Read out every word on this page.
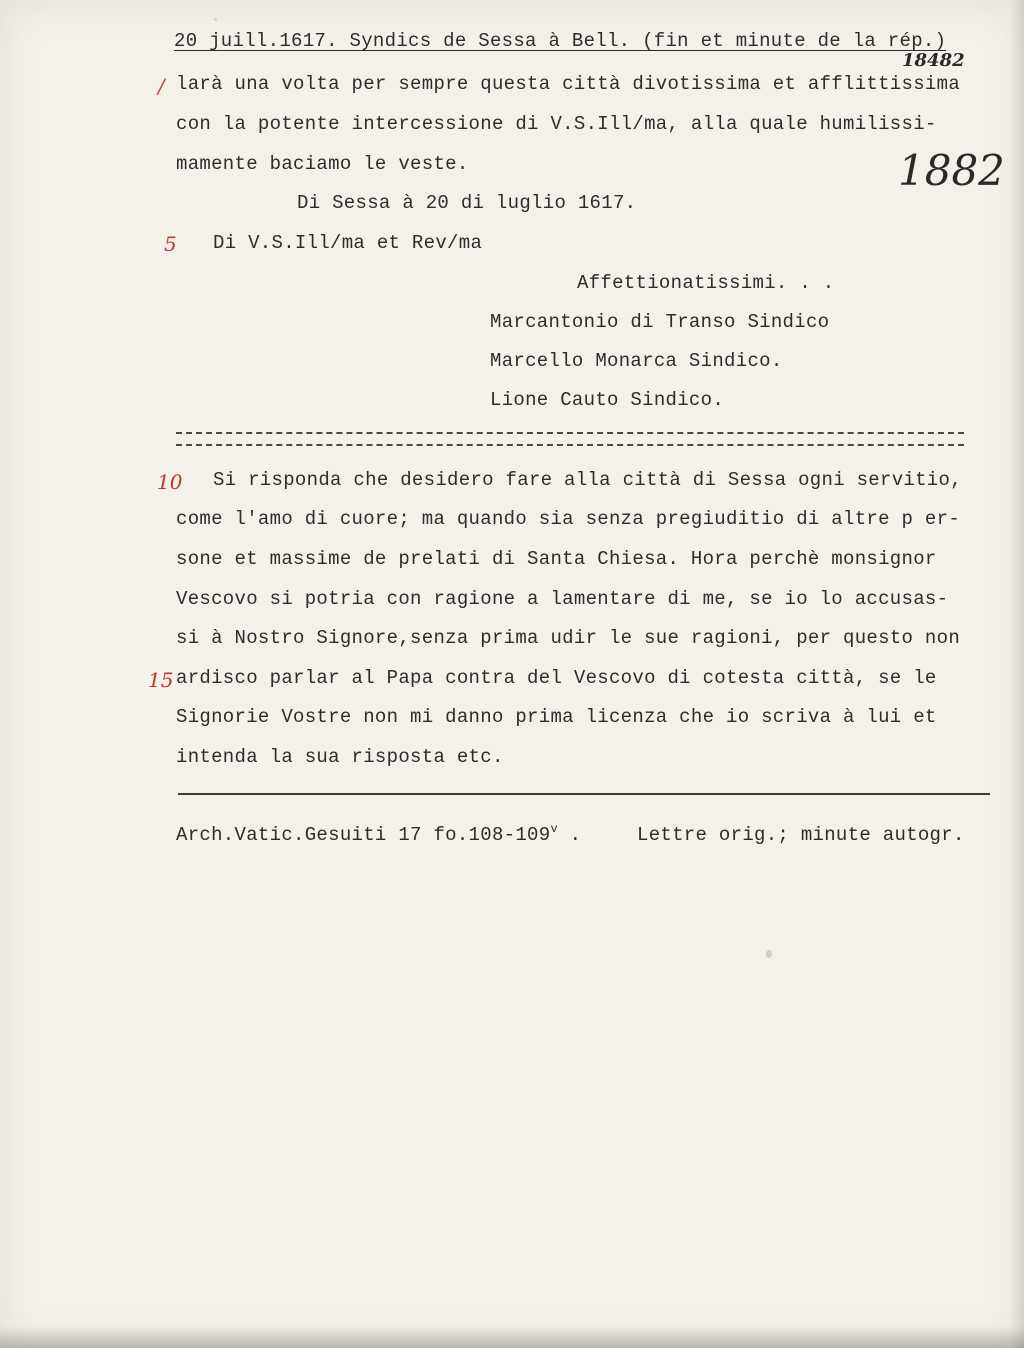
20 juill.1617. Syndics de Sessa à Bell. (fin et minute de la rép.)
18482
/ larà una volta per sempre questa città divotissima et afflittissima
con la potente intercessione di V.S.Ill/ma, alla quale humilissi-
mamente baciamo le veste.	1882
Di Sessa à 20 di luglio 1617.
5 Di V.S.Ill/ma et Rev/ma
Affettionatissimi. . .
Marcantonio di Transo Sindico
Marcello Monarca Sindico.
Lione Cauto Sindico.
10 Si risponda che desidero fare alla città di Sessa ogni servitio,
come l'amo di cuore; ma quando sia senza pregiuditio di altre p er-
sone et massime de prelati di Santa Chiesa. Hora perchè monsignor
Vescovo si potria con ragione a lamentare di me, se io lo accusas-
si à Nostro Signore,senza prima udir le sue ragioni, per questo non
15 ardisco parlar al Papa contra del Vescovo di cotesta città, se le
Signorie Vostre non mi danno prima licenza che io scriva à lui et
intenda la sua risposta etc.
Arch.Vatic.Gesuiti 17 fo.108-109$^v$ .	Lettre orig.; minute autogr.
